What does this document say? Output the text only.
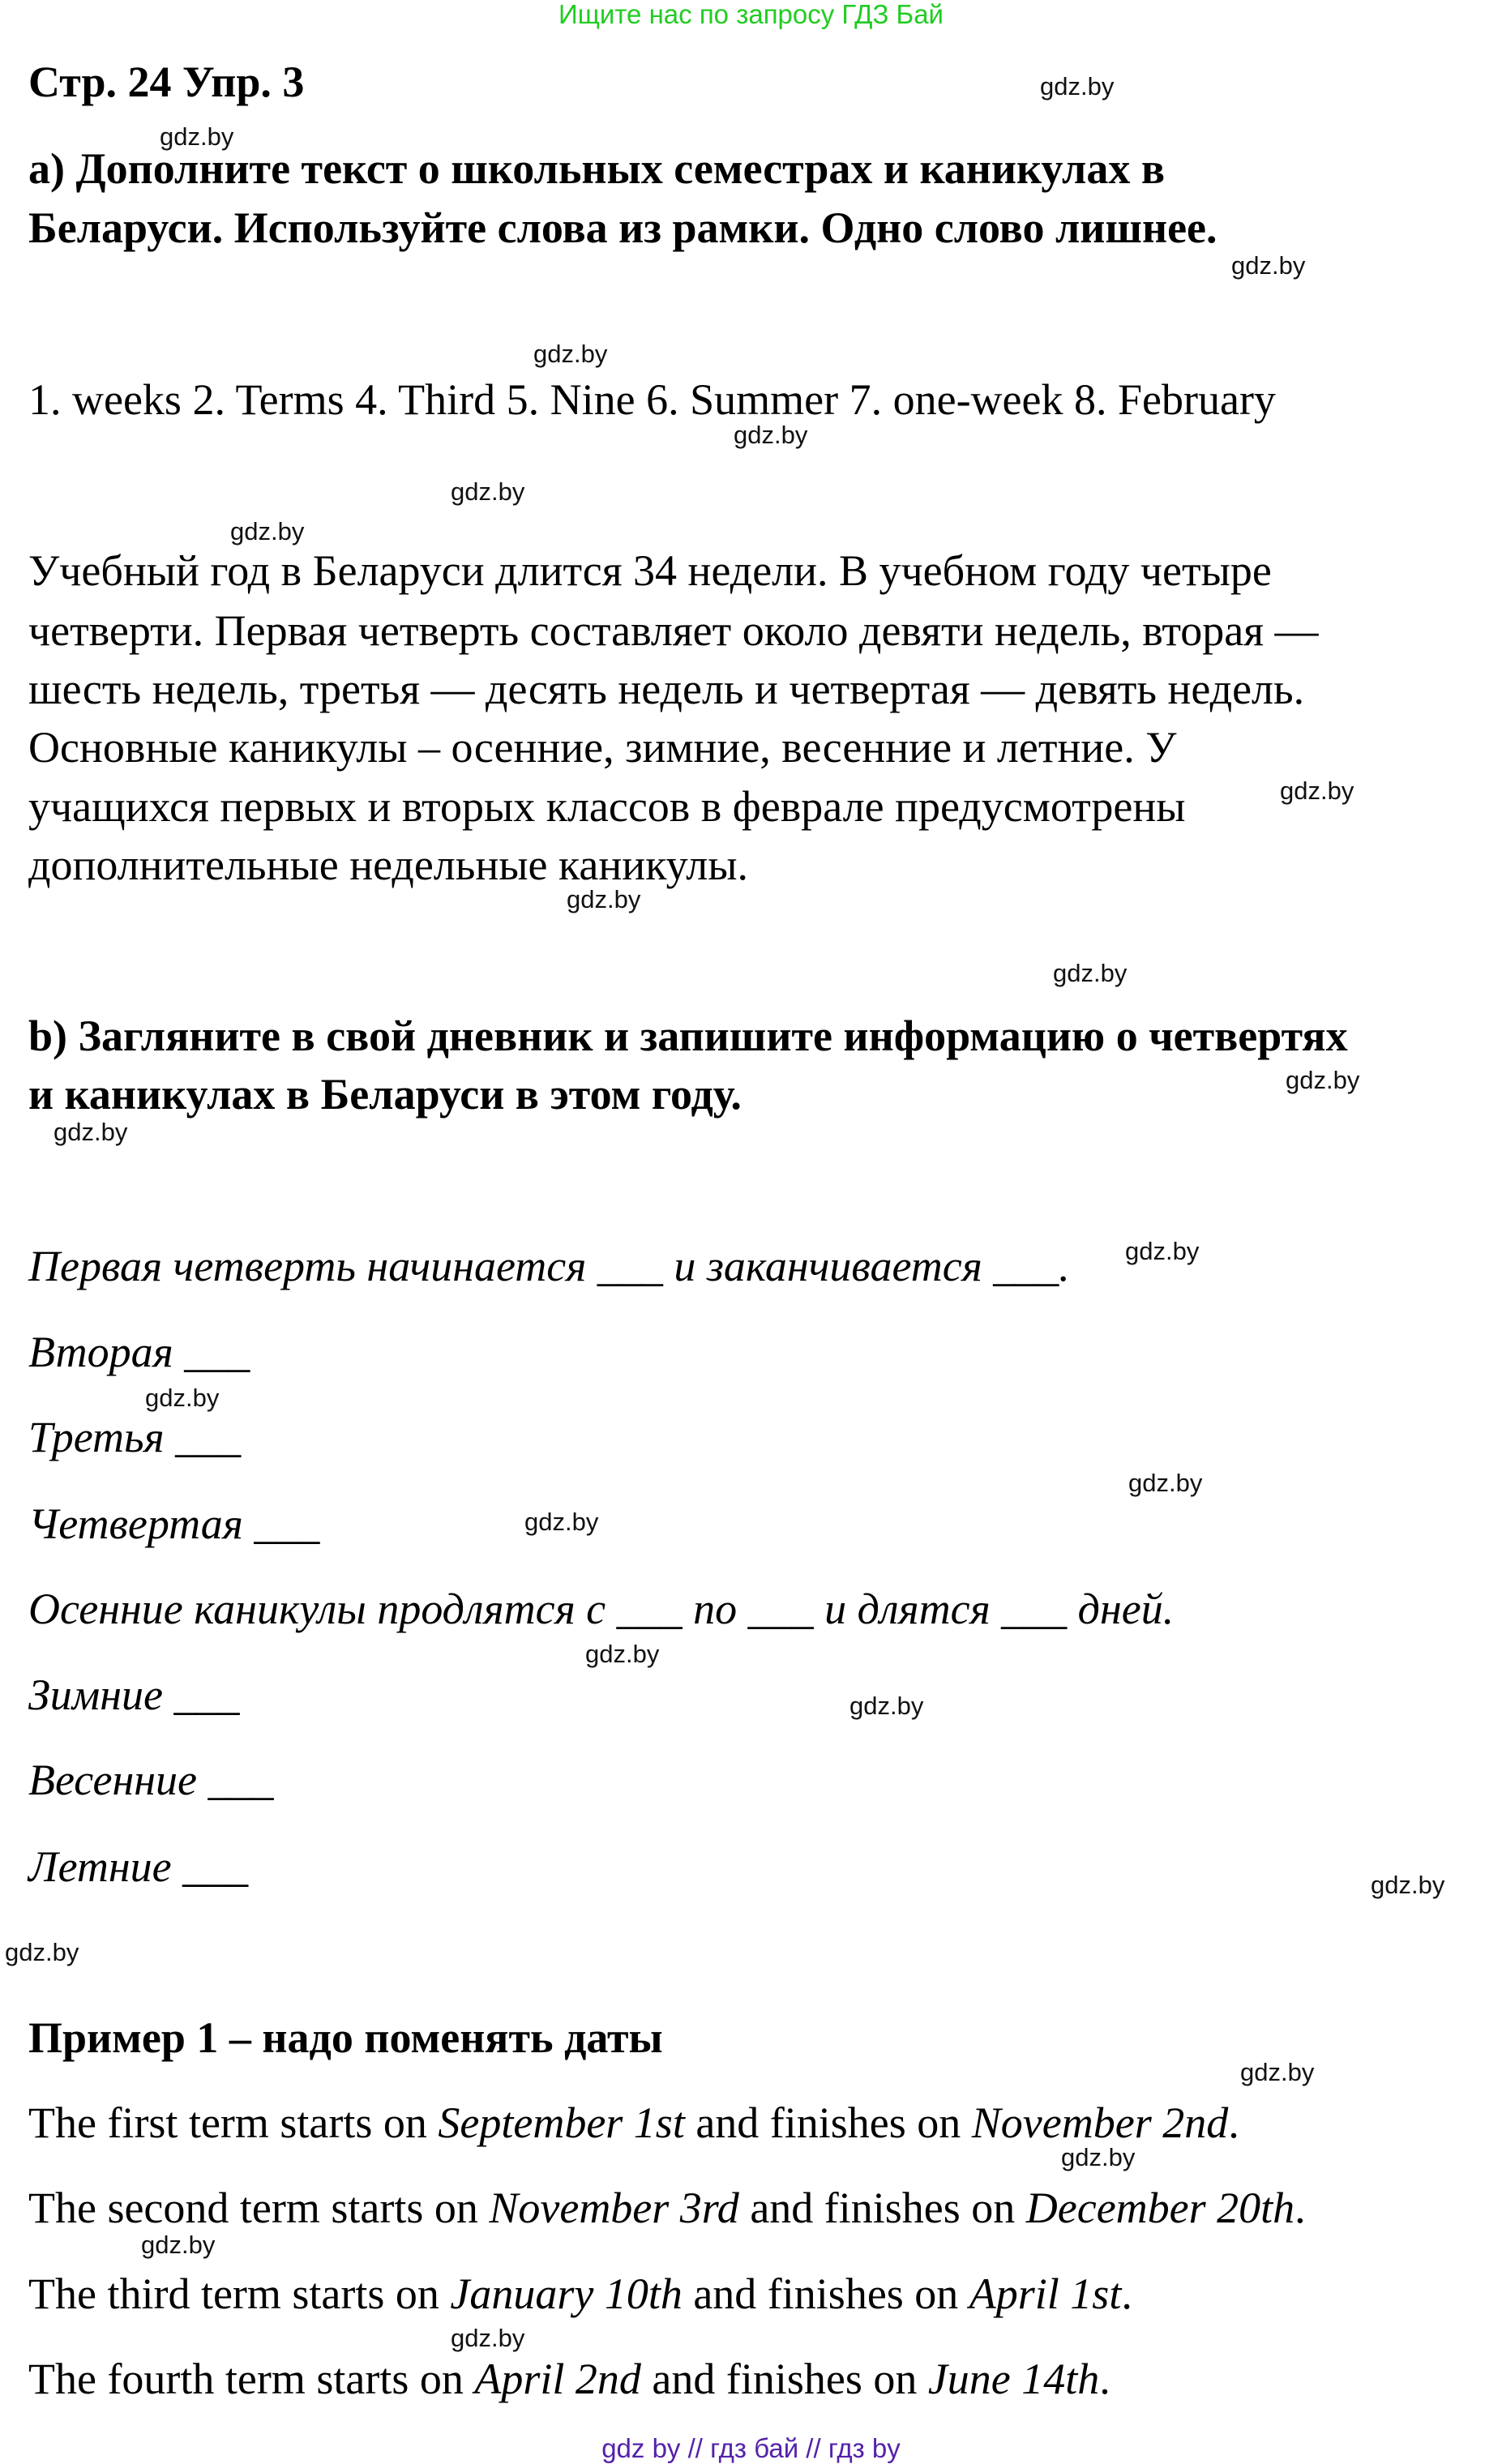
Ищите нас по запросу ГДЗ Бай
Стр. 24 Упр. 3
а) Дополните текст о школьных семестрах и каникулах в
Беларуси. Используйте слова из рамки. Одно слово лишнее.
1. weeks 2. Terms 4. Third 5. Nine 6. Summer 7. one-week 8. February
Учебный год в Беларуси длится 34 недели. В учебном году четыре
четверти. Первая четверть составляет около девяти недель, вторая —
шесть недель, третья — десять недель и четвертая — девять недель.
Основные каникулы – осенние, зимние, весенние и летние. У
учащихся первых и вторых классов в феврале предусмотрены
дополнительные недельные каникулы.
b) Загляните в свой дневник и запишите информацию о четвертях
и каникулах в Беларуси в этом году.
Первая четверть начинается ___ и заканчивается ___.
Вторая ___
Третья ___
Четвертая ___
Осенние каникулы продлятся с ___ по ___ и длятся ___ дней.
Зимние ___
Весенние ___
Летние ___
Пример 1 – надо поменять даты
The first term starts on September 1st and finishes on November 2nd.
The second term starts on November 3rd and finishes on December 20th.
The third term starts on January 10th and finishes on April 1st.
The fourth term starts on April 2nd and finishes on June 14th.
gdz by // гдз бай // гдз by
gdz.by
gdz.by
gdz.by
gdz.by
gdz.by
gdz.by
gdz.by
gdz.by
gdz.by
gdz.by
gdz.by
gdz.by
gdz.by
gdz.by
gdz.by
gdz.by
gdz.by
gdz.by
gdz.by
gdz.by
gdz.by
gdz.by
gdz.by
gdz.by
